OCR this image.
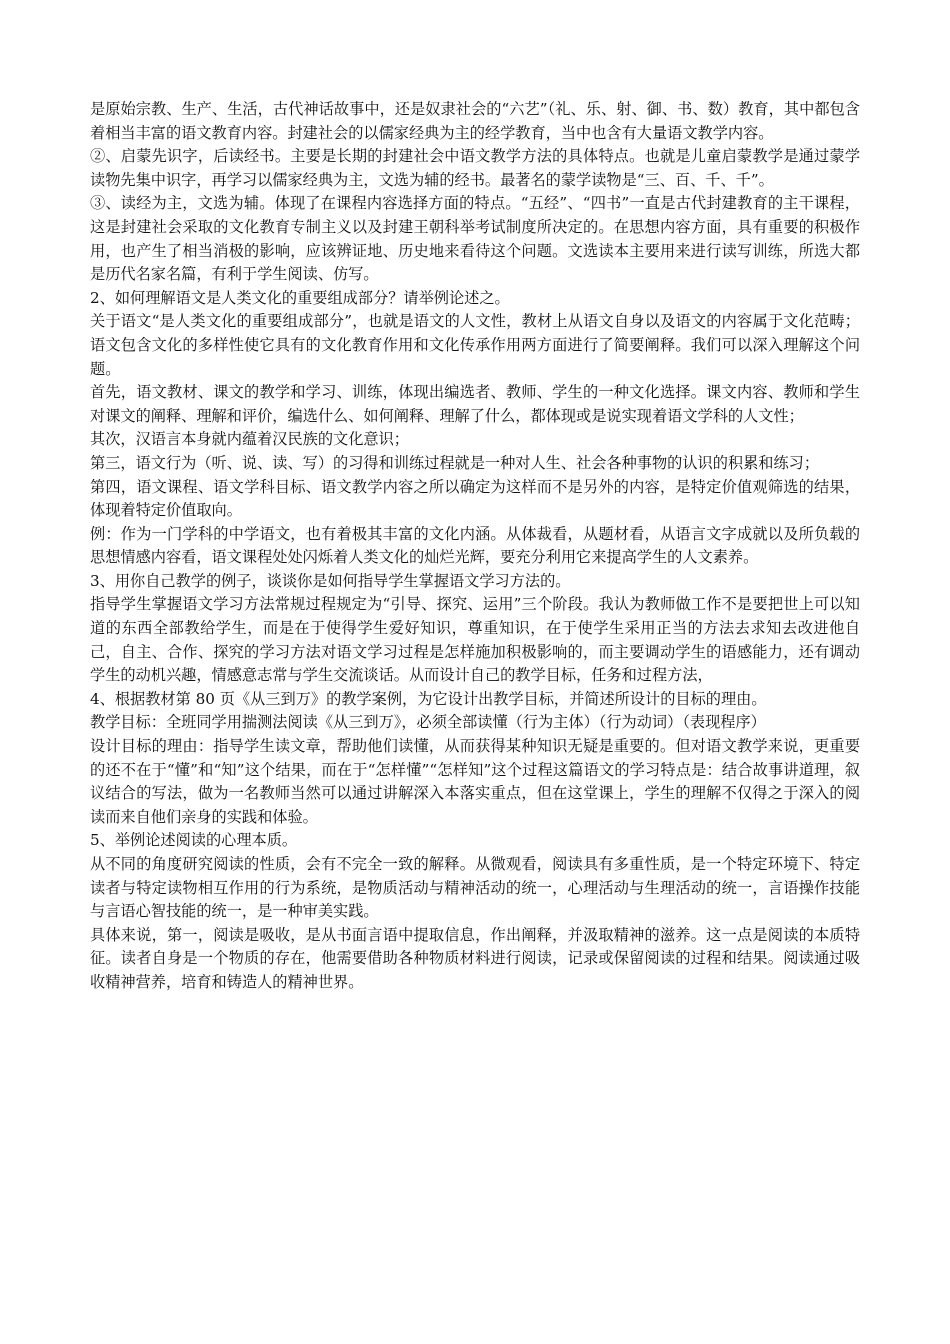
是原始宗教、生产、生活，古代神话故事中，还是奴隶社会的“六艺”（礼、乐、射、御、书、数）教育，其中都包含着相当丰富的语文教育内容。封建社会的以儒家经典为主的经学教育，当中也含有大量语文教学内容。

②、启蒙先识字，后读经书。主要是长期的封建社会中语文教学方法的具体特点。也就是儿童启蒙教学是通过蒙学读物先集中识字，再学习以儒家经典为主，文选为辅的经书。最著名的蒙学读物是“三、百、千、千”。

③、读经为主，文选为辅。体现了在课程内容选择方面的特点。“五经”、“四书”一直是古代封建教育的主干课程，这是封建社会采取的文化教育专制主义以及封建王朝科举考试制度所决定的。在思想内容方面，具有重要的积极作用，也产生了相当消极的影响，应该辨证地、历史地来看待这个问题。文选读本主要用来进行读写训练，所选大都是历代名家名篇，有利于学生阅读、仿写。

2、如何理解语文是人类文化的重要组成部分？请举例论述之。

关于语文“是人类文化的重要组成部分”，也就是语文的人文性，教材上从语文自身以及语文的内容属于文化范畴；语文包含文化的多样性使它具有的文化教育作用和文化传承作用两方面进行了简要阐释。我们可以深入理解这个问题。

首先，语文教材、课文的教学和学习、训练，体现出编选者、教师、学生的一种文化选择。课文内容、教师和学生对课文的阐释、理解和评价，编选什么、如何阐释、理解了什么，都体现或是说实现着语文学科的人文性；

其次，汉语言本身就内蕴着汉民族的文化意识；

第三，语文行为（听、说、读、写）的习得和训练过程就是一种对人生、社会各种事物的认识的积累和练习；

第四，语文课程、语文学科目标、语文教学内容之所以确定为这样而不是另外的内容，是特定价值观筛选的结果，体现着特定价值取向。

例：作为一门学科的中学语文，也有着极其丰富的文化内涵。从体裁看，从题材看，从语言文字成就以及所负载的思想情感内容看，语文课程处处闪烁着人类文化的灿烂光辉，要充分利用它来提高学生的人文素养。

3、用你自己教学的例子，谈谈你是如何指导学生掌握语文学习方法的。

指导学生掌握语文学习方法常规过程规定为“引导、探究、运用”三个阶段。我认为教师做工作不是要把世上可以知道的东西全部教给学生，而是在于使得学生爱好知识，尊重知识，在于使学生采用正当的方法去求知去改进他自己，自主、合作、探究的学习方法对语文学习过程是怎样施加积极影响的，而主要调动学生的语感能力，还有调动学生的动机兴趣，情感意志常与学生交流谈话。从而设计自己的教学目标，任务和过程方法，

4、根据教材第 80 页《从三到万》的教学案例，为它设计出教学目标，并简述所设计的目标的理由。

教学目标：全班同学用揣测法阅读《从三到万》，必须全部读懂（行为主体）（行为动词）（表现程序）

设计目标的理由：指导学生读文章，帮助他们读懂，从而获得某种知识无疑是重要的。但对语文教学来说，更重要的还不在于“懂”和“知”这个结果，而在于“怎样懂”“怎样知”这个过程这篇语文的学习特点是：结合故事讲道理，叙议结合的写法，做为一名教师当然可以通过讲解深入本落实重点，但在这堂课上，学生的理解不仅得之于深入的阅读而来自他们亲身的实践和体验。

5、举例论述阅读的心理本质。

从不同的角度研究阅读的性质，会有不完全一致的解释。从微观看，阅读具有多重性质，是一个特定环境下、特定读者与特定读物相互作用的行为系统，是物质活动与精神活动的统一，心理活动与生理活动的统一，言语操作技能与言语心智技能的统一，是一种审美实践。

具体来说，第一，阅读是吸收，是从书面言语中提取信息，作出阐释，并汲取精神的滋养。这一点是阅读的本质特征。读者自身是一个物质的存在，他需要借助各种物质材料进行阅读，记录或保留阅读的过程和结果。阅读通过吸收精神营养，培育和铸造人的精神世界。
